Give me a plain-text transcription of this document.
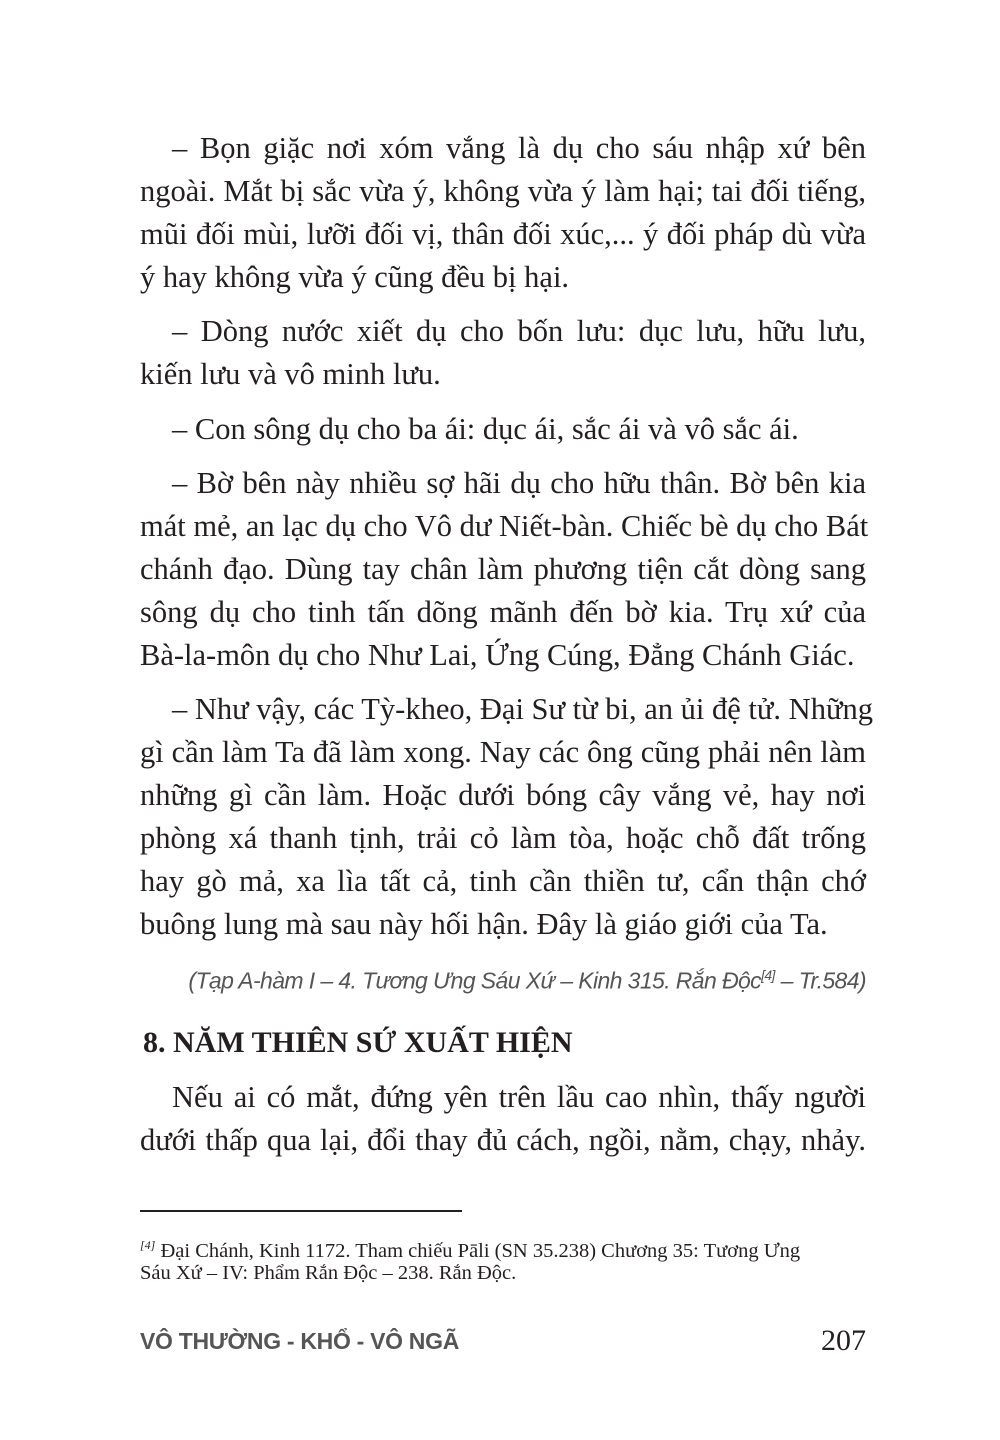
– Bọn giặc nơi xóm vắng là dụ cho sáu nhập xứ bên
ngoài. Mắt bị sắc vừa ý, không vừa ý làm hại; tai đối tiếng,
mũi đối mùi, lưỡi đối vị, thân đối xúc,... ý đối pháp dù vừa
ý hay không vừa ý cũng đều bị hại.
– Dòng nước xiết dụ cho bốn lưu: dục lưu, hữu lưu,
kiến lưu và vô minh lưu.
– Con sông dụ cho ba ái: dục ái, sắc ái và vô sắc ái.
– Bờ bên này nhiều sợ hãi dụ cho hữu thân. Bờ bên kia
mát mẻ, an lạc dụ cho Vô dư Niết-bàn. Chiếc bè dụ cho Bát
chánh đạo. Dùng tay chân làm phương tiện cắt dòng sang
sông dụ cho tinh tấn dõng mãnh đến bờ kia. Trụ xứ của
Bà-la-môn dụ cho Như Lai, Ứng Cúng, Đẳng Chánh Giác.
– Như vậy, các Tỳ-kheo, Đại Sư từ bi, an ủi đệ tử. Những
gì cần làm Ta đã làm xong. Nay các ông cũng phải nên làm
những gì cần làm. Hoặc dưới bóng cây vắng vẻ, hay nơi
phòng xá thanh tịnh, trải cỏ làm tòa, hoặc chỗ đất trống
hay gò mả, xa lìa tất cả, tinh cần thiền tư, cẩn thận chớ
buông lung mà sau này hối hận. Đây là giáo giới của Ta.
(Tạp A-hàm I – 4. Tương Ưng Sáu Xứ – Kinh 315. Rắn Độc[4] – Tr.584)
8. NĂM THIÊN SỨ XUẤT HIỆN
Nếu ai có mắt, đứng yên trên lầu cao nhìn, thấy người
dưới thấp qua lại, đổi thay đủ cách, ngồi, nằm, chạy, nhảy.
[4] Đại Chánh, Kinh 1172. Tham chiếu Pāli (SN 35.238) Chương 35: Tương Ưng
Sáu Xứ – IV: Phẩm Rắn Độc – 238. Rắn Độc.
VÔ THƯỜNG - KHỔ - VÔ NGÃ	207
